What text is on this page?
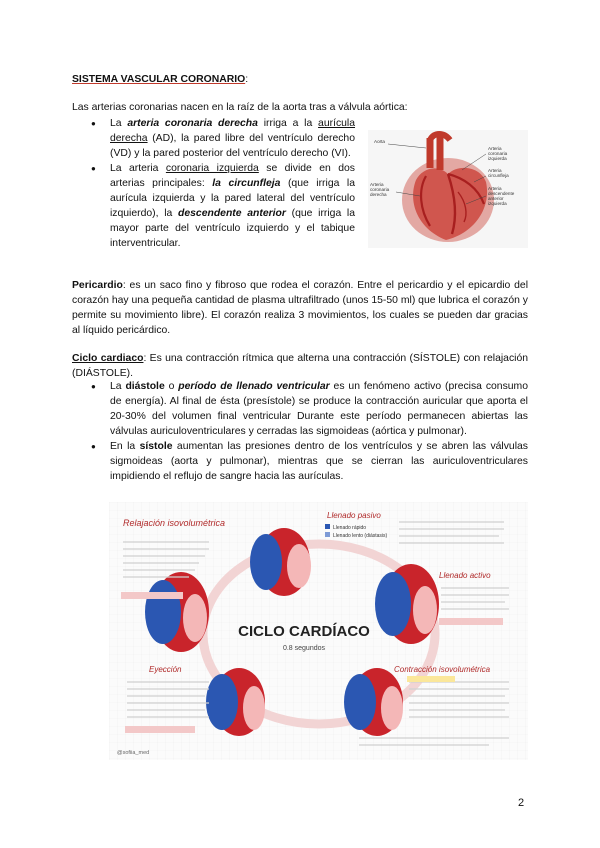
SISTEMA VASCULAR CORONARIO:

Las arterias coronarias nacen en la raíz de la aorta tras a válvula aórtica:

● La arteria coronaria derecha irriga a la aurícula derecha (AD), la pared libre del ventrículo derecho (VD) y la pared posterior del ventrículo derecho (VI).
● La arteria coronaria izquierda se divide en dos arterias principales: la circunfleja (que irriga la aurícula izquierda y la pared lateral del ventrículo izquierdo), la descendente anterior (que irriga la mayor parte del ventrículo izquierdo y el tabique interventricular.
Aorta
Arteria coronaria izquierda
Arteria circunfleja
Arteria descendente anterior izquierda
Arteria coronaria derecha

Pericardio: es un saco fino y fibroso que rodea el corazón. Entre el pericardio y el epicardio del corazón hay una pequeña cantidad de plasma ultrafiltrado (unos 15-50 ml) que lubrica el corazón y permite su movimiento libre). El corazón realiza 3 movimientos, los cuales se pueden dar gracias al líquido pericárdico.

Ciclo cardiaco: Es una contracción rítmica que alterna una contracción (SÍSTOLE) con relajación (DIÁSTOLE).

● La diástole o período de llenado ventricular es un fenómeno activo (precisa consumo de energía). Al final de ésta (presístole) se produce la contracción auricular que aporta el 20-30% del volumen final ventricular Durante este período permanecen abiertas las válvulas auriculoventriculares y cerradas las sigmoideas (aórtica y pulmonar).
● En la sístole aumentan las presiones dentro de los ventrículos y se abren las válvulas sigmoideas (aorta y pulmonar), mientras que se cierran las auriculoventriculares impidiendo el reflujo de sangre hacia las aurículas.
CICLO CARDÍACO
0.8 segundos
Relajación isovolumétrica
Llenado pasivo
Llenado rápido
Llenado lento (diástasis)
Llenado activo
Eyección	Contracción isovolumétrica
@sofiia_med
2
